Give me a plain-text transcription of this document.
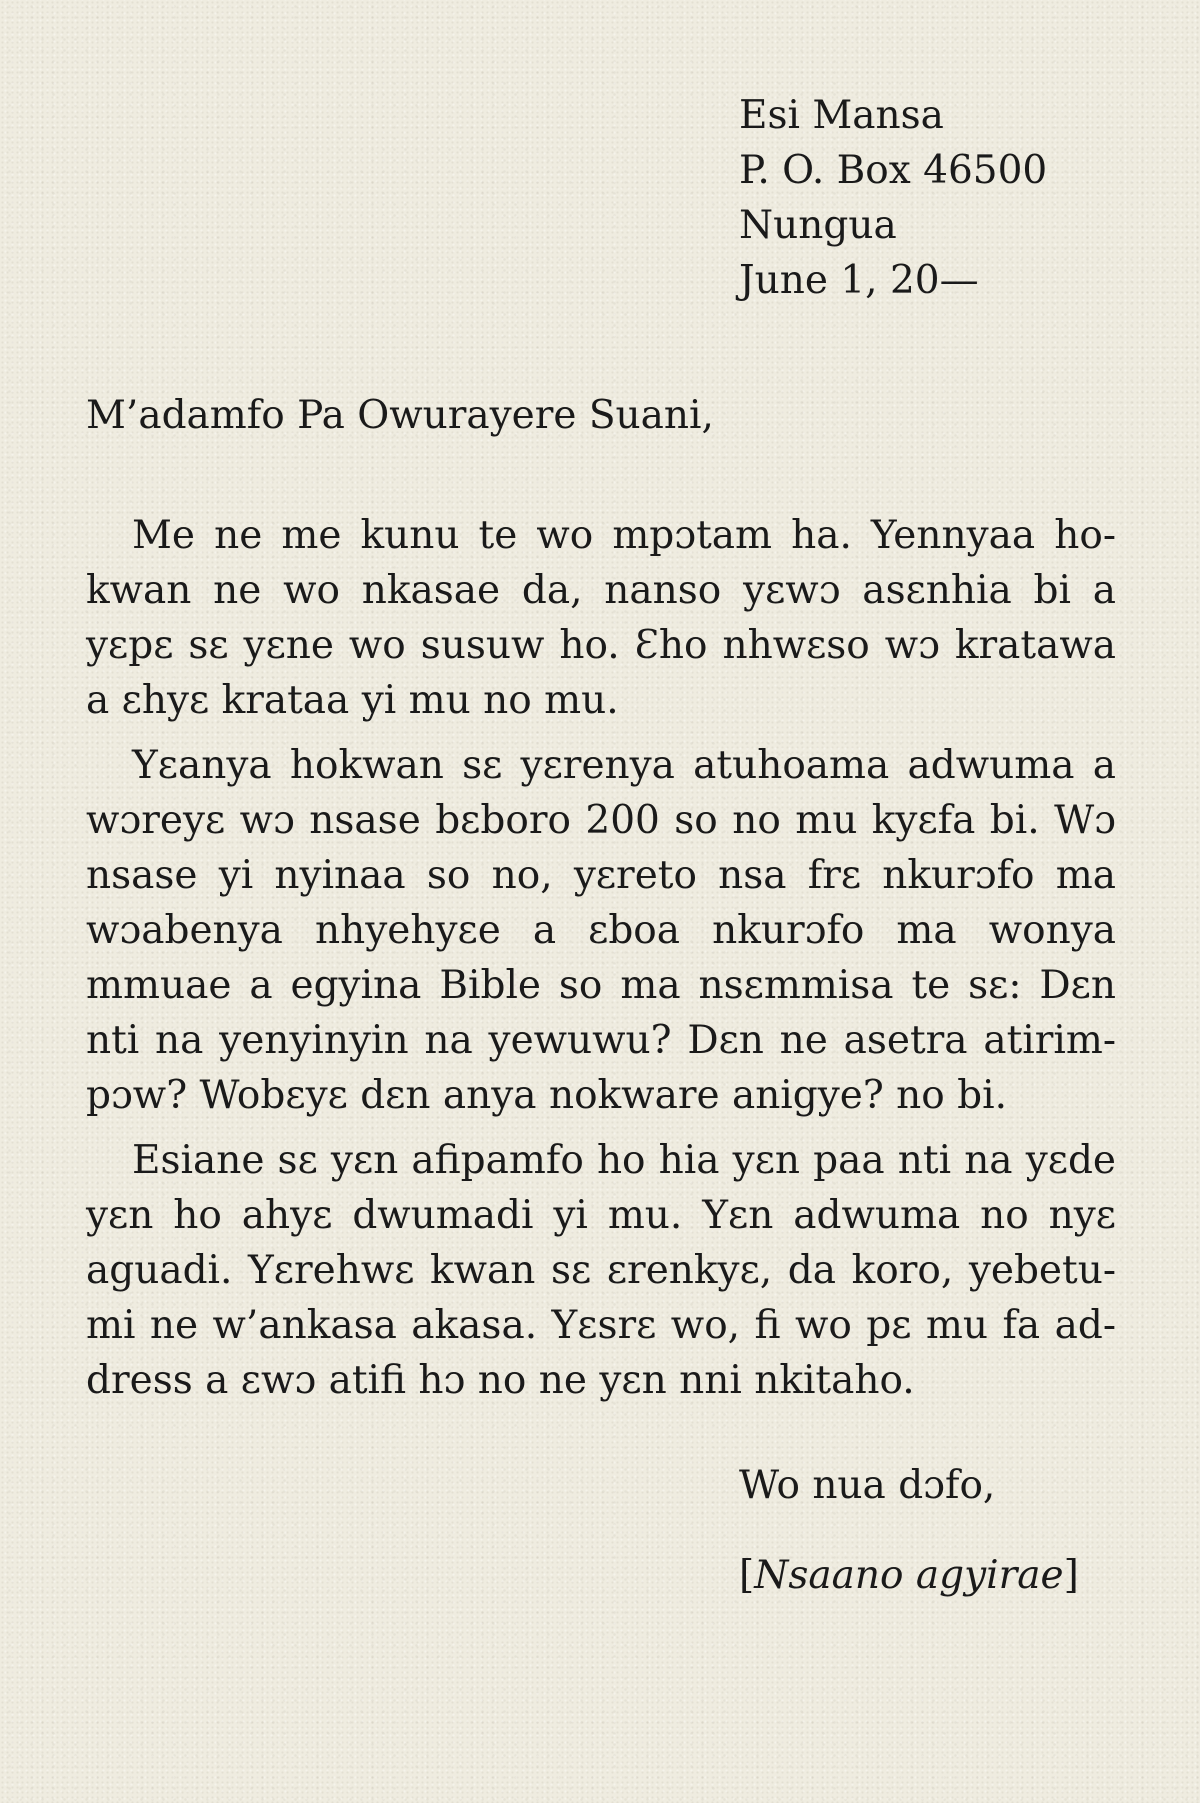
Esi Mansa
P. O. Box 46500
Nungua
June 1, 20—
M’adamfo Pa Owurayere Suani,

Me ne me kunu te wo mpɔtam ha. Yennyaa hokwan ne wo nkasae da, nanso yɛwɔ asɛnhia bi a yɛpɛ sɛ yɛne wo susuw ho. Ɛho nhwɛso wɔ kratawa a ɛhyɛ krataa yi mu no mu.

Yɛanya hokwan sɛ yɛrenya atuhoama adwuma a wɔreyɛ wɔ nsase bɛboro 200 so no mu kyɛfa bi. Wɔ nsase yi nyinaa so no, yɛreto nsa frɛ nkurɔfo ma wɔabenya nhyehyɛe a ɛboa nkurɔfo ma wonya mmuae a egyina Bible so ma nsɛmmisa te sɛ: Dɛn nti na yenyinyin na yewuwu? Dɛn ne asetra atirimpɔw? Wobɛyɛ dɛn anya nokware anigye? no bi.

Esiane sɛ yɛn afipamfo ho hia yɛn paa nti na yɛde yɛn ho ahyɛ dwumadi yi mu. Yɛn adwuma no nyɛ aguadi. Yɛrehwɛ kwan sɛ ɛrenkyɛ, da koro, yebetumi ne w’ankasa akasa. Yɛsrɛ wo, fi wo pɛ mu fa address a ɛwɔ atifi hɔ no ne yɛn nni nkitaho.

Wo nua dɔfo,
[Nsaano agyirae]
